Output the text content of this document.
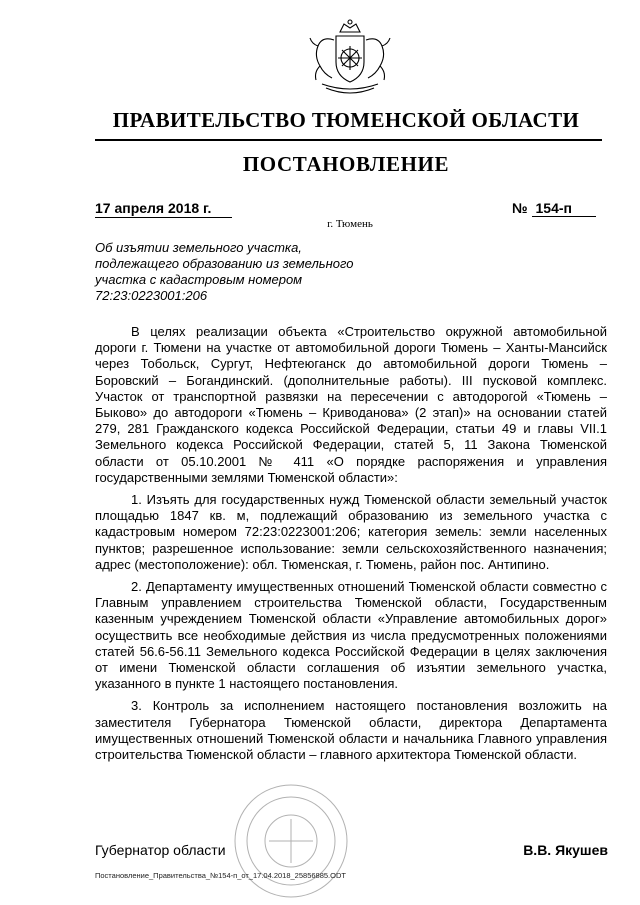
ПРАВИТЕЛЬСТВО ТЮМЕНСКОЙ ОБЛАСТИ
ПОСТАНОВЛЕНИЕ
17 апреля 2018 г.
г. Тюмень
№ 154-п
Об изъятии земельного участка, подлежащего образованию из земельного участка с кадастровым номером 72:23:0223001:206

В целях реализации объекта «Строительство окружной автомобильной дороги г. Тюмени на участке от автомобильной дороги Тюмень – Ханты-Мансийск через Тобольск, Сургут, Нефтеюганск до автомобильной дороги Тюмень – Боровский – Богандинский. (дополнительные работы). III пусковой комплекс. Участок от транспортной развязки на пересечении с автодорогой «Тюмень – Быково» до автодороги «Тюмень – Криводанова» (2 этап)» на основании статей 279, 281 Гражданского кодекса Российской Федерации, статьи 49 и главы VII.1 Земельного кодекса Российской Федерации, статей 5, 11 Закона Тюменской области от 05.10.2001 № 411 «О порядке распоряжения и управления государственными землями Тюменской области»:

1. Изъять для государственных нужд Тюменской области земельный участок площадью 1847 кв. м, подлежащий образованию из земельного участка с кадастровым номером 72:23:0223001:206; категория земель: земли населенных пунктов; разрешенное использование: земли сельскохозяйственного назначения; адрес (местоположение): обл. Тюменская, г. Тюмень, район пос. Антипино.

2. Департаменту имущественных отношений Тюменской области совместно с Главным управлением строительства Тюменской области, Государственным казенным учреждением Тюменской области «Управление автомобильных дорог» осуществить все необходимые действия из числа предусмотренных положениями статей 56.6-56.11 Земельного кодекса Российской Федерации в целях заключения от имени Тюменской области соглашения об изъятии земельного участка, указанного в пункте 1 настоящего постановления.

3. Контроль за исполнением настоящего постановления возложить на заместителя Губернатора Тюменской области, директора Департамента имущественных отношений Тюменской области и начальника Главного управления строительства Тюменской области – главного архитектора Тюменской области.

Губернатор области	В.В. Якушев
Постановление_Правительства_№154-п_от_17.04.2018_25856885.ODT
